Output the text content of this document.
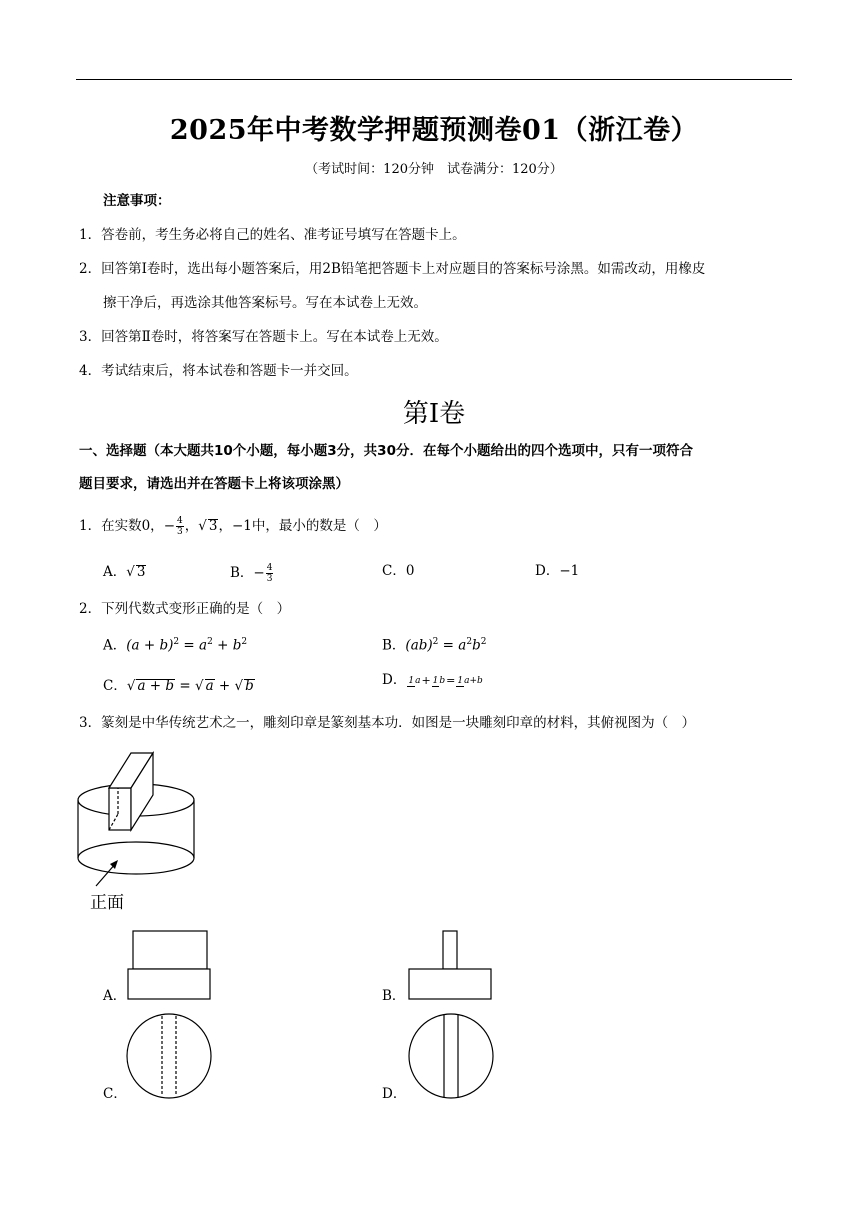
2025年中考数学押题预测卷01（浙江卷）
（考试时间：120分钟　试卷满分：120分）
注意事项：
1．答卷前，考生务必将自己的姓名、准考证号填写在答题卡上。
2．回答第Ⅰ卷时，选出每小题答案后，用2B铅笔把答题卡上对应题目的答案标号涂黑。如需改动，用橡皮
擦干净后，再选涂其他答案标号。写在本试卷上无效。
3．回答第Ⅱ卷时，将答案写在答题卡上。写在本试卷上无效。
4．考试结束后，将本试卷和答题卡一并交回。
第Ⅰ卷
一、选择题（本大题共10个小题，每小题3分，共30分．在每个小题给出的四个选项中，只有一项符合
题目要求，请选出并在答题卡上将该项涂黑）
1．在实数0，− $\frac{4}{3}$ ，√ 3，−1中，最小的数是（　）
A．√ 3	B．− $\frac{4}{3}$	C．0	D．−1
2．下列代数式变形正确的是（　）
A．$(a + b)^2 = a^2 + b^2$	B．$(ab)^2 = a^2b^2$
C．√ a + b = √ a + √ b	D． 1a+ 1b= 1a+b
3．篆刻是中华传统艺术之一，雕刻印章是篆刻基本功．如图是一块雕刻印章的材料，其俯视图为（　）
正面
A．	B．
C．	D．
